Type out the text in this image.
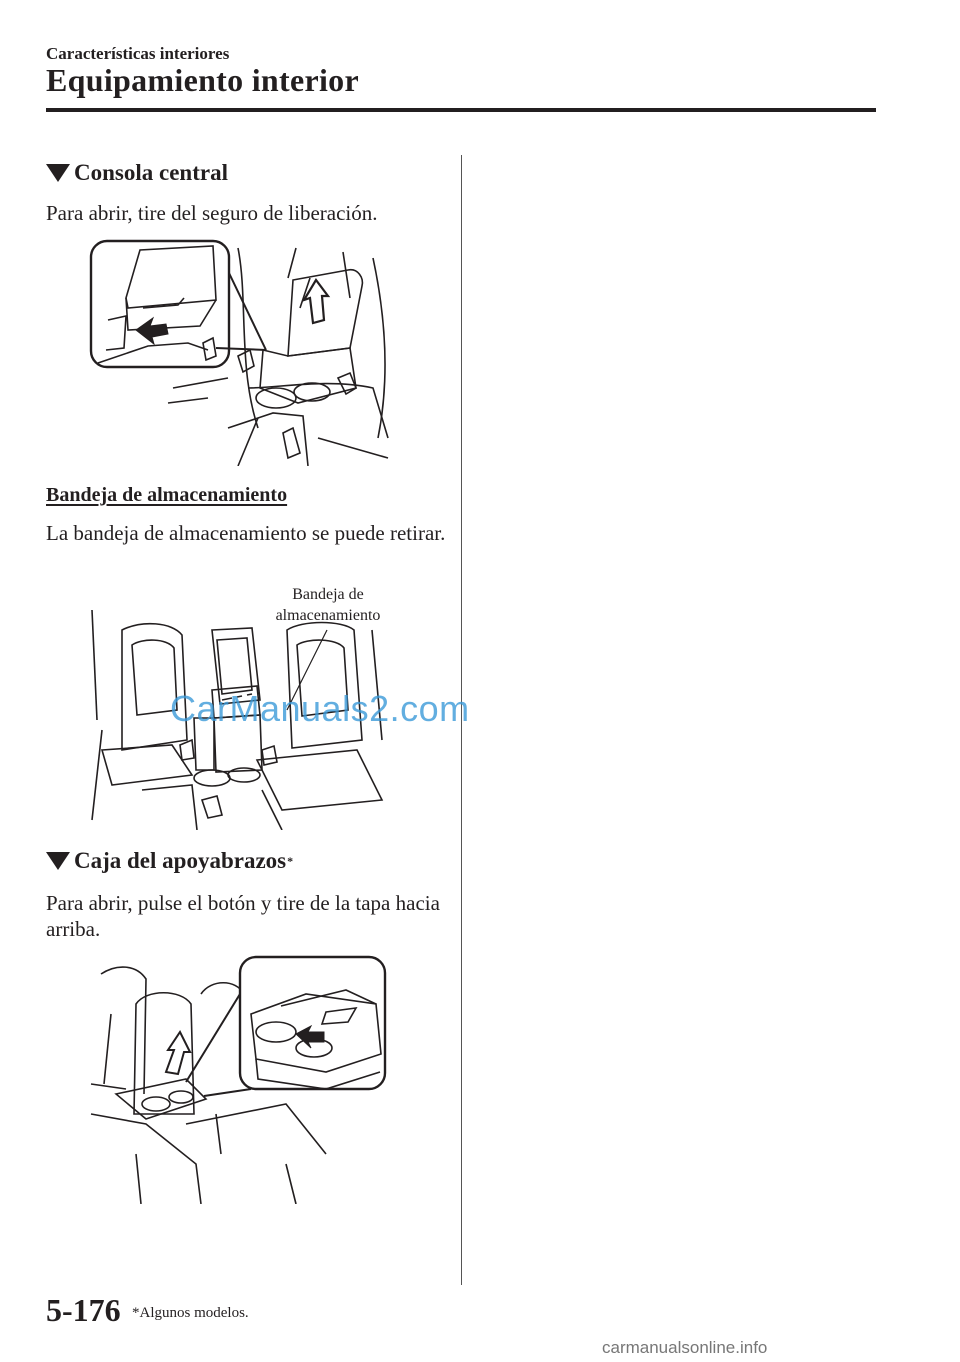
Características interiores
Equipamiento interior
Consola central
Para abrir, tire del seguro de liberación.
Bandeja de almacenamiento
La bandeja de almacenamiento se puede retirar.
Bandeja de
almacenamiento
CarManuals2.com
Caja del apoyabrazos *
Para abrir, pulse el botón y tire de la tapa hacia arriba.
5-176 *Algunos modelos.
carmanualsonline.info
